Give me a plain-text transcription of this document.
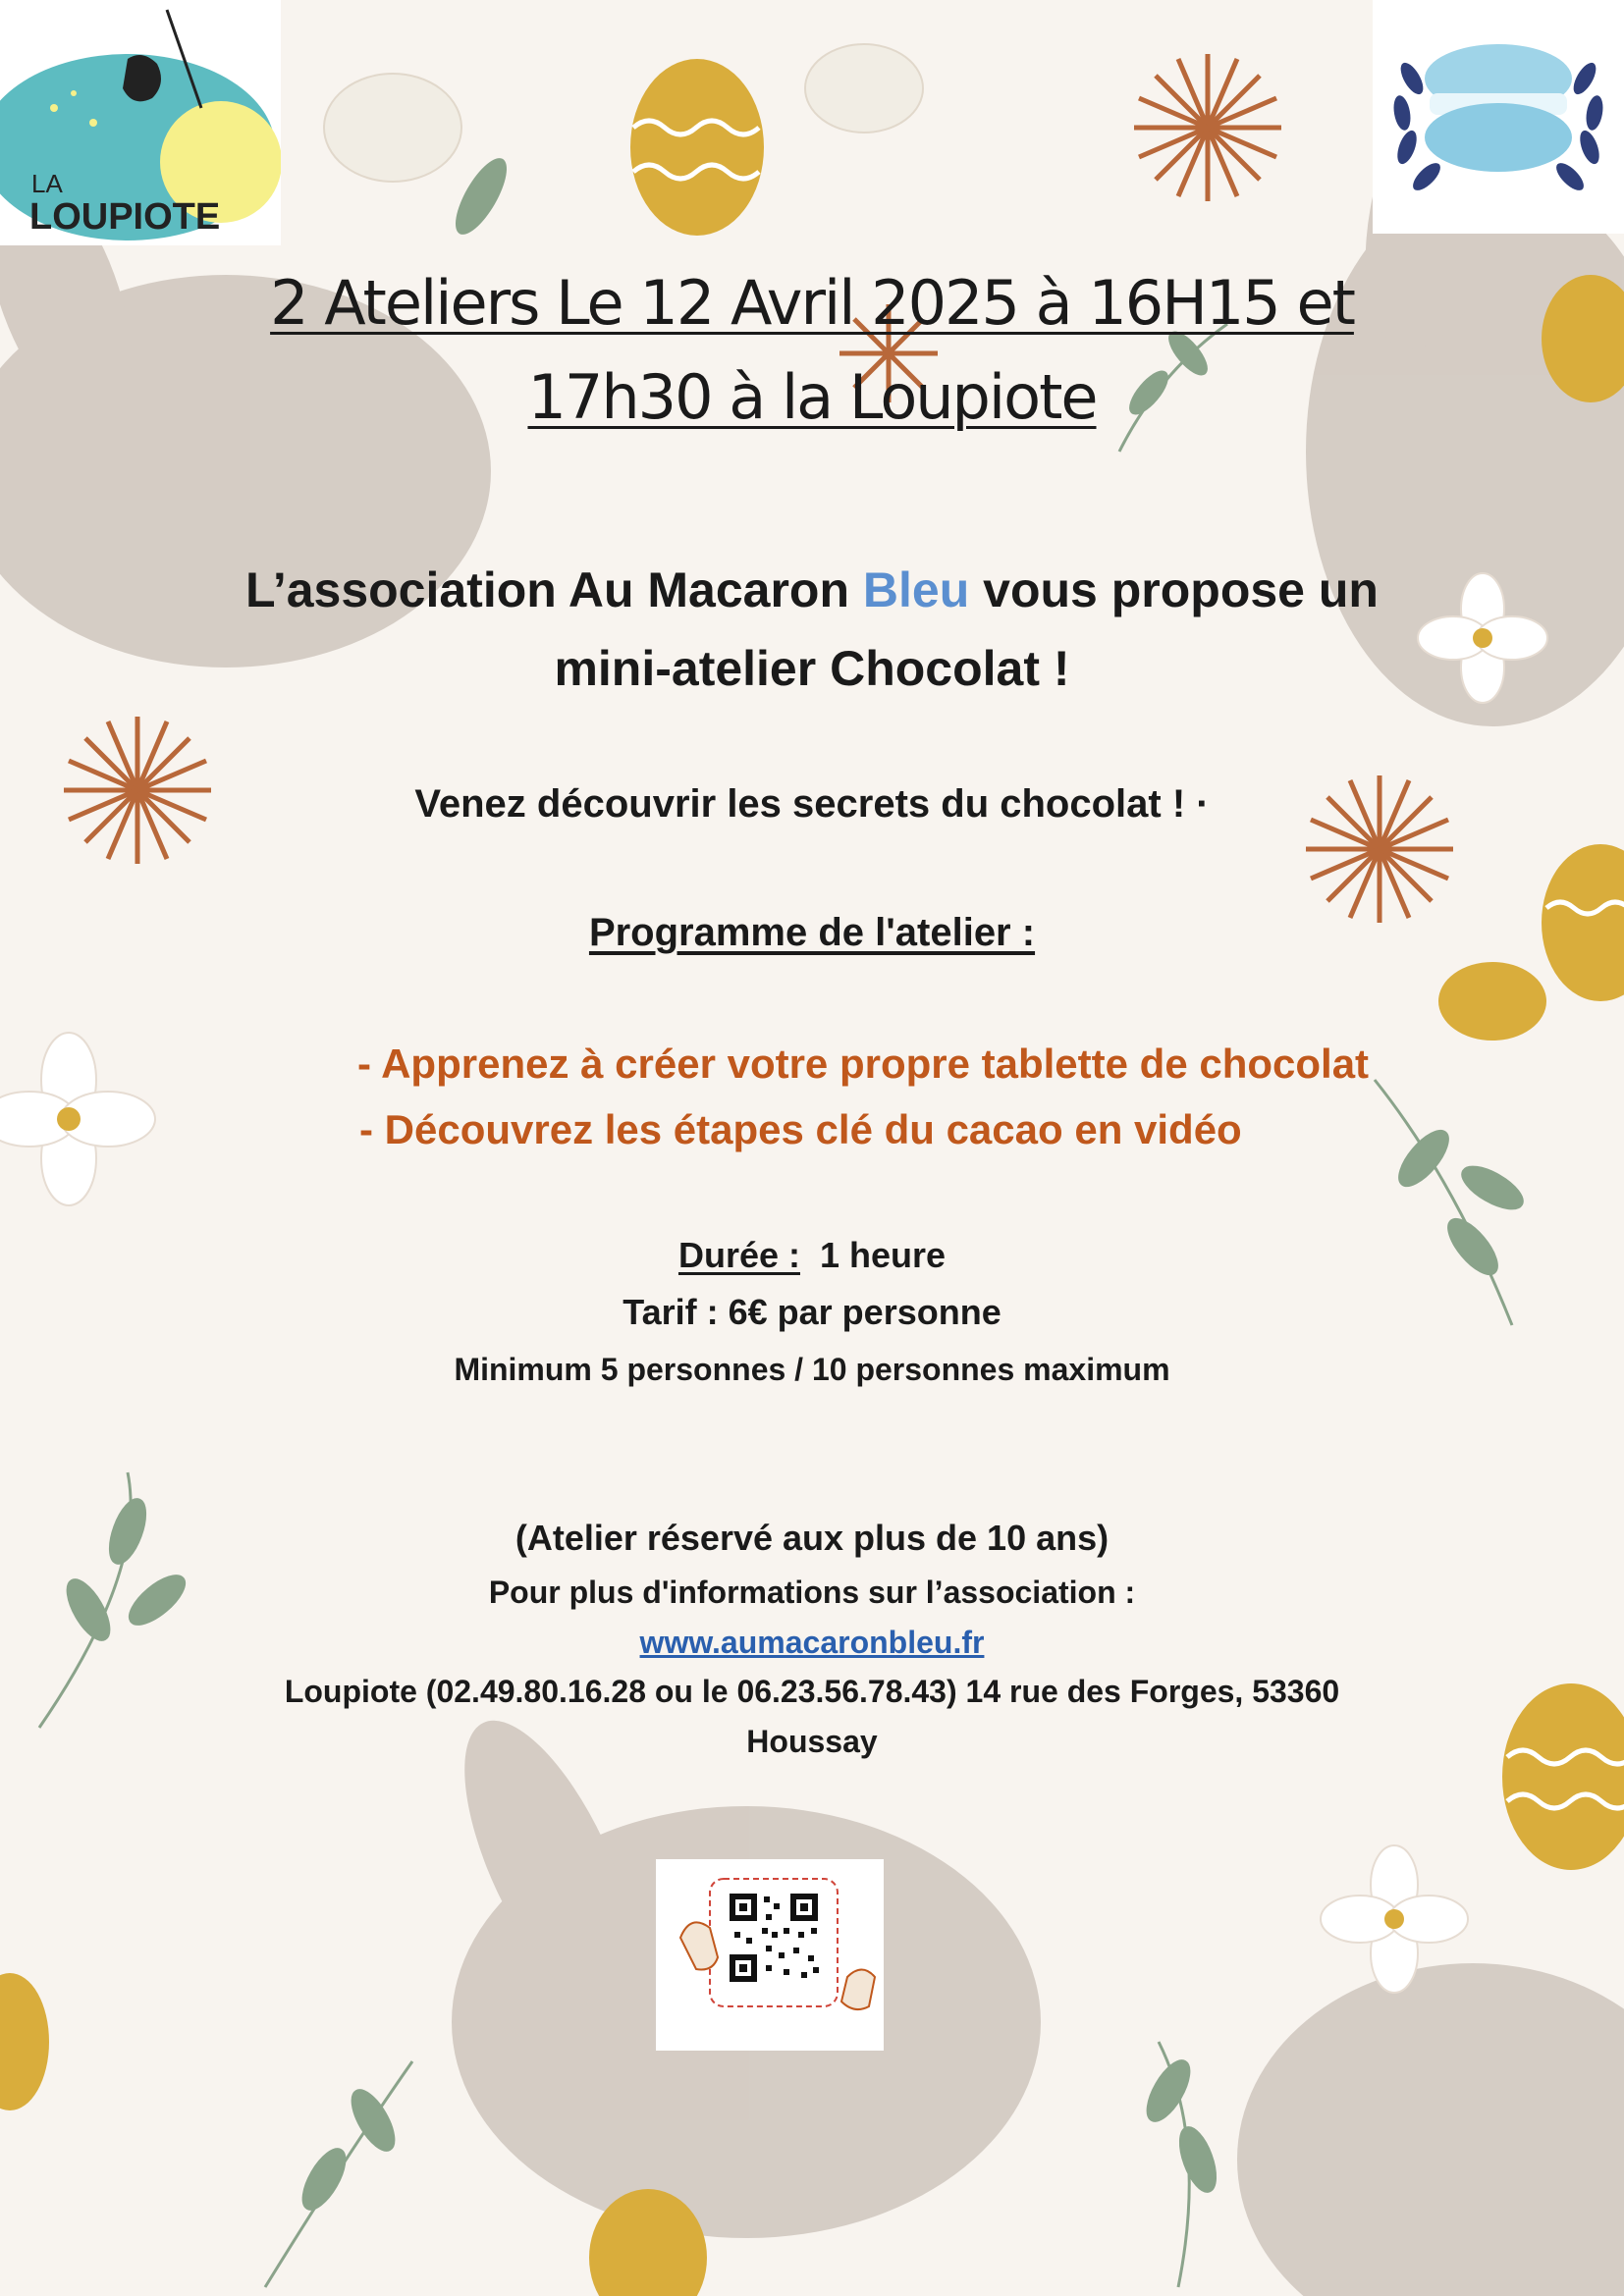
LA
LOUPIOTE
2 Ateliers Le 12 Avril 2025 à 16H15 et
17h30 à la Loupiote
L’association Au Macaron Bleu vous propose un
mini-atelier Chocolat !
Venez découvrir les secrets du chocolat ! ·
Programme de l'atelier :
- Apprenez à créer votre propre tablette de chocolat
- Découvrez les étapes clé du cacao en vidéo
Durée :  1 heure
Tarif : 6€ par personne
Minimum 5 personnes / 10 personnes maximum
(Atelier réservé aux plus de 10 ans)
Pour plus d'informations sur l’association :
www.aumacaronbleu.fr
Loupiote (02.49.80.16.28 ou le 06.23.56.78.43) 14 rue des Forges, 53360
Houssay
